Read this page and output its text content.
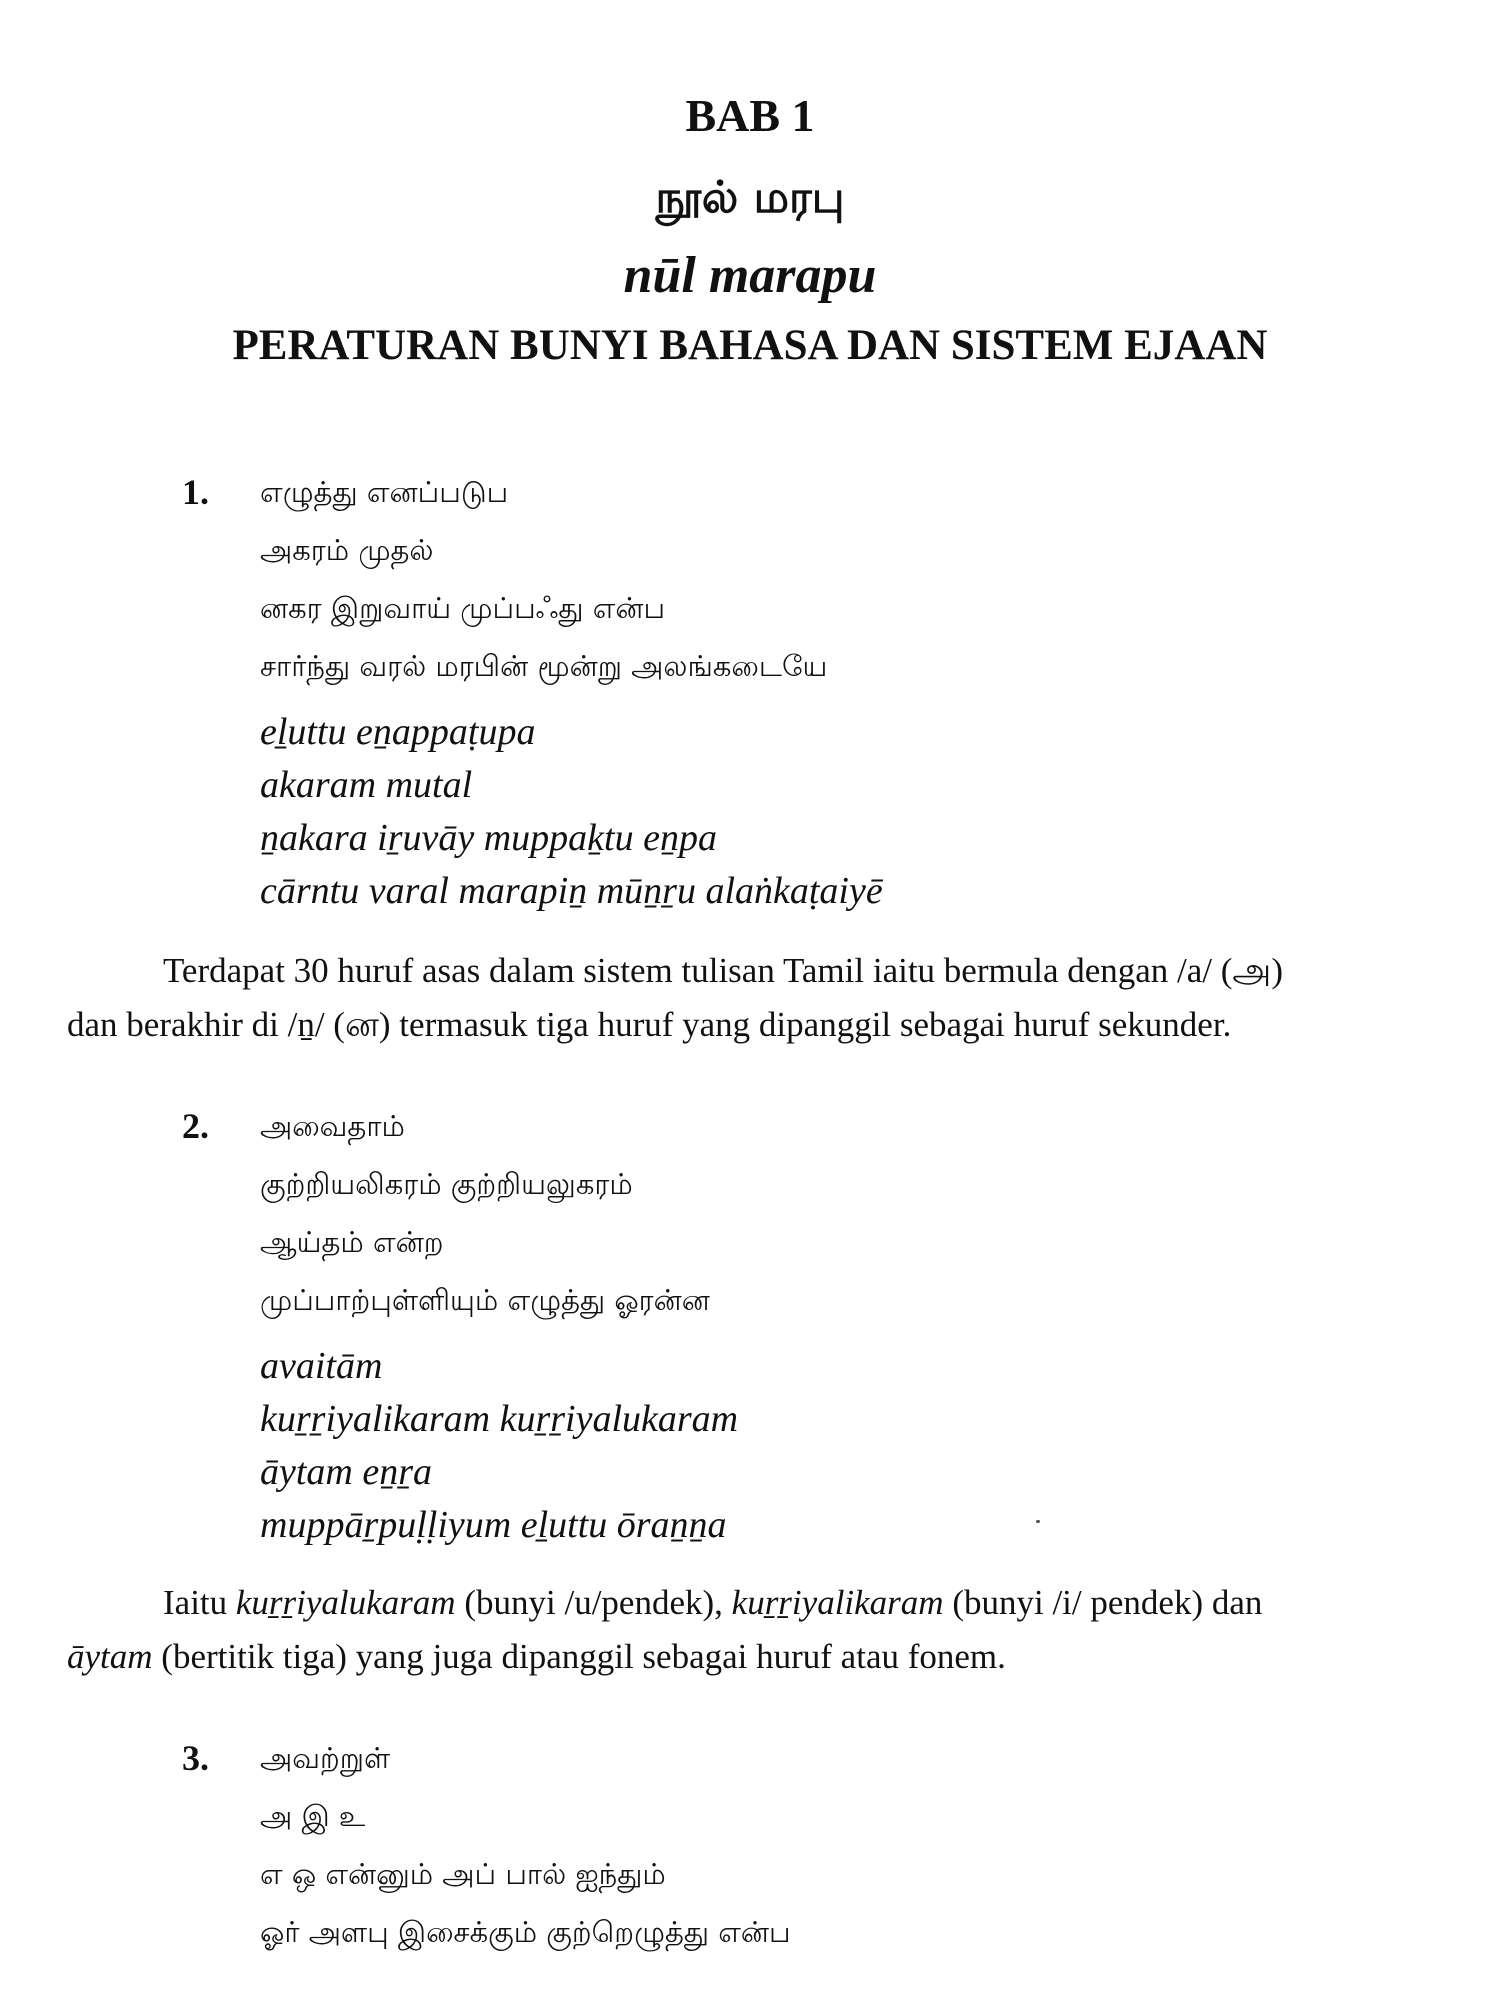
BAB 1
நூல் மரபு
nūl marapu
PERATURAN BUNYI BAHASA DAN SISTEM EJAAN
1. எழுத்து எனப்படுப
அகரம் முதல்
னகர இறுவாய் முப்பஃது என்ப
சார்ந்து வரல் மரபின் மூன்று அலங்கடையே
eḻuttu eṉappaṭupa
akaram mutal
ṉakara iṟuvāy muppaḵtu eṉpa
cārntu varal marapiṉ mūṉṟu alaṅkaṭaiyē
Terdapat 30 huruf asas dalam sistem tulisan Tamil iaitu bermula dengan /a/ (அ)
dan berakhir di /ṉ/ (ன) termasuk tiga huruf yang dipanggil sebagai huruf sekunder.
2. அவைதாம்
குற்றியலிகரம் குற்றியலுகரம்
ஆய்தம் என்ற
முப்பாற்புள்ளியும் எழுத்து ஓரன்ன
avaitām
kuṟṟiyalikaram kuṟṟiyalukaram
āytam eṉṟa
muppāṟpuḷḷiyum eḻuttu ōraṉṉa
Iaitu kuṟṟiyalukaram (bunyi /u/pendek), kuṟṟiyalikaram (bunyi /i/ pendek) dan
āytam (bertitik tiga) yang juga dipanggil sebagai huruf atau fonem.
3. அவற்றுள்
அ இ உ
எ ஒ என்னும் அப் பால் ஐந்தும்
ஓர் அளபு இசைக்கும் குற்றெழுத்து என்ப
